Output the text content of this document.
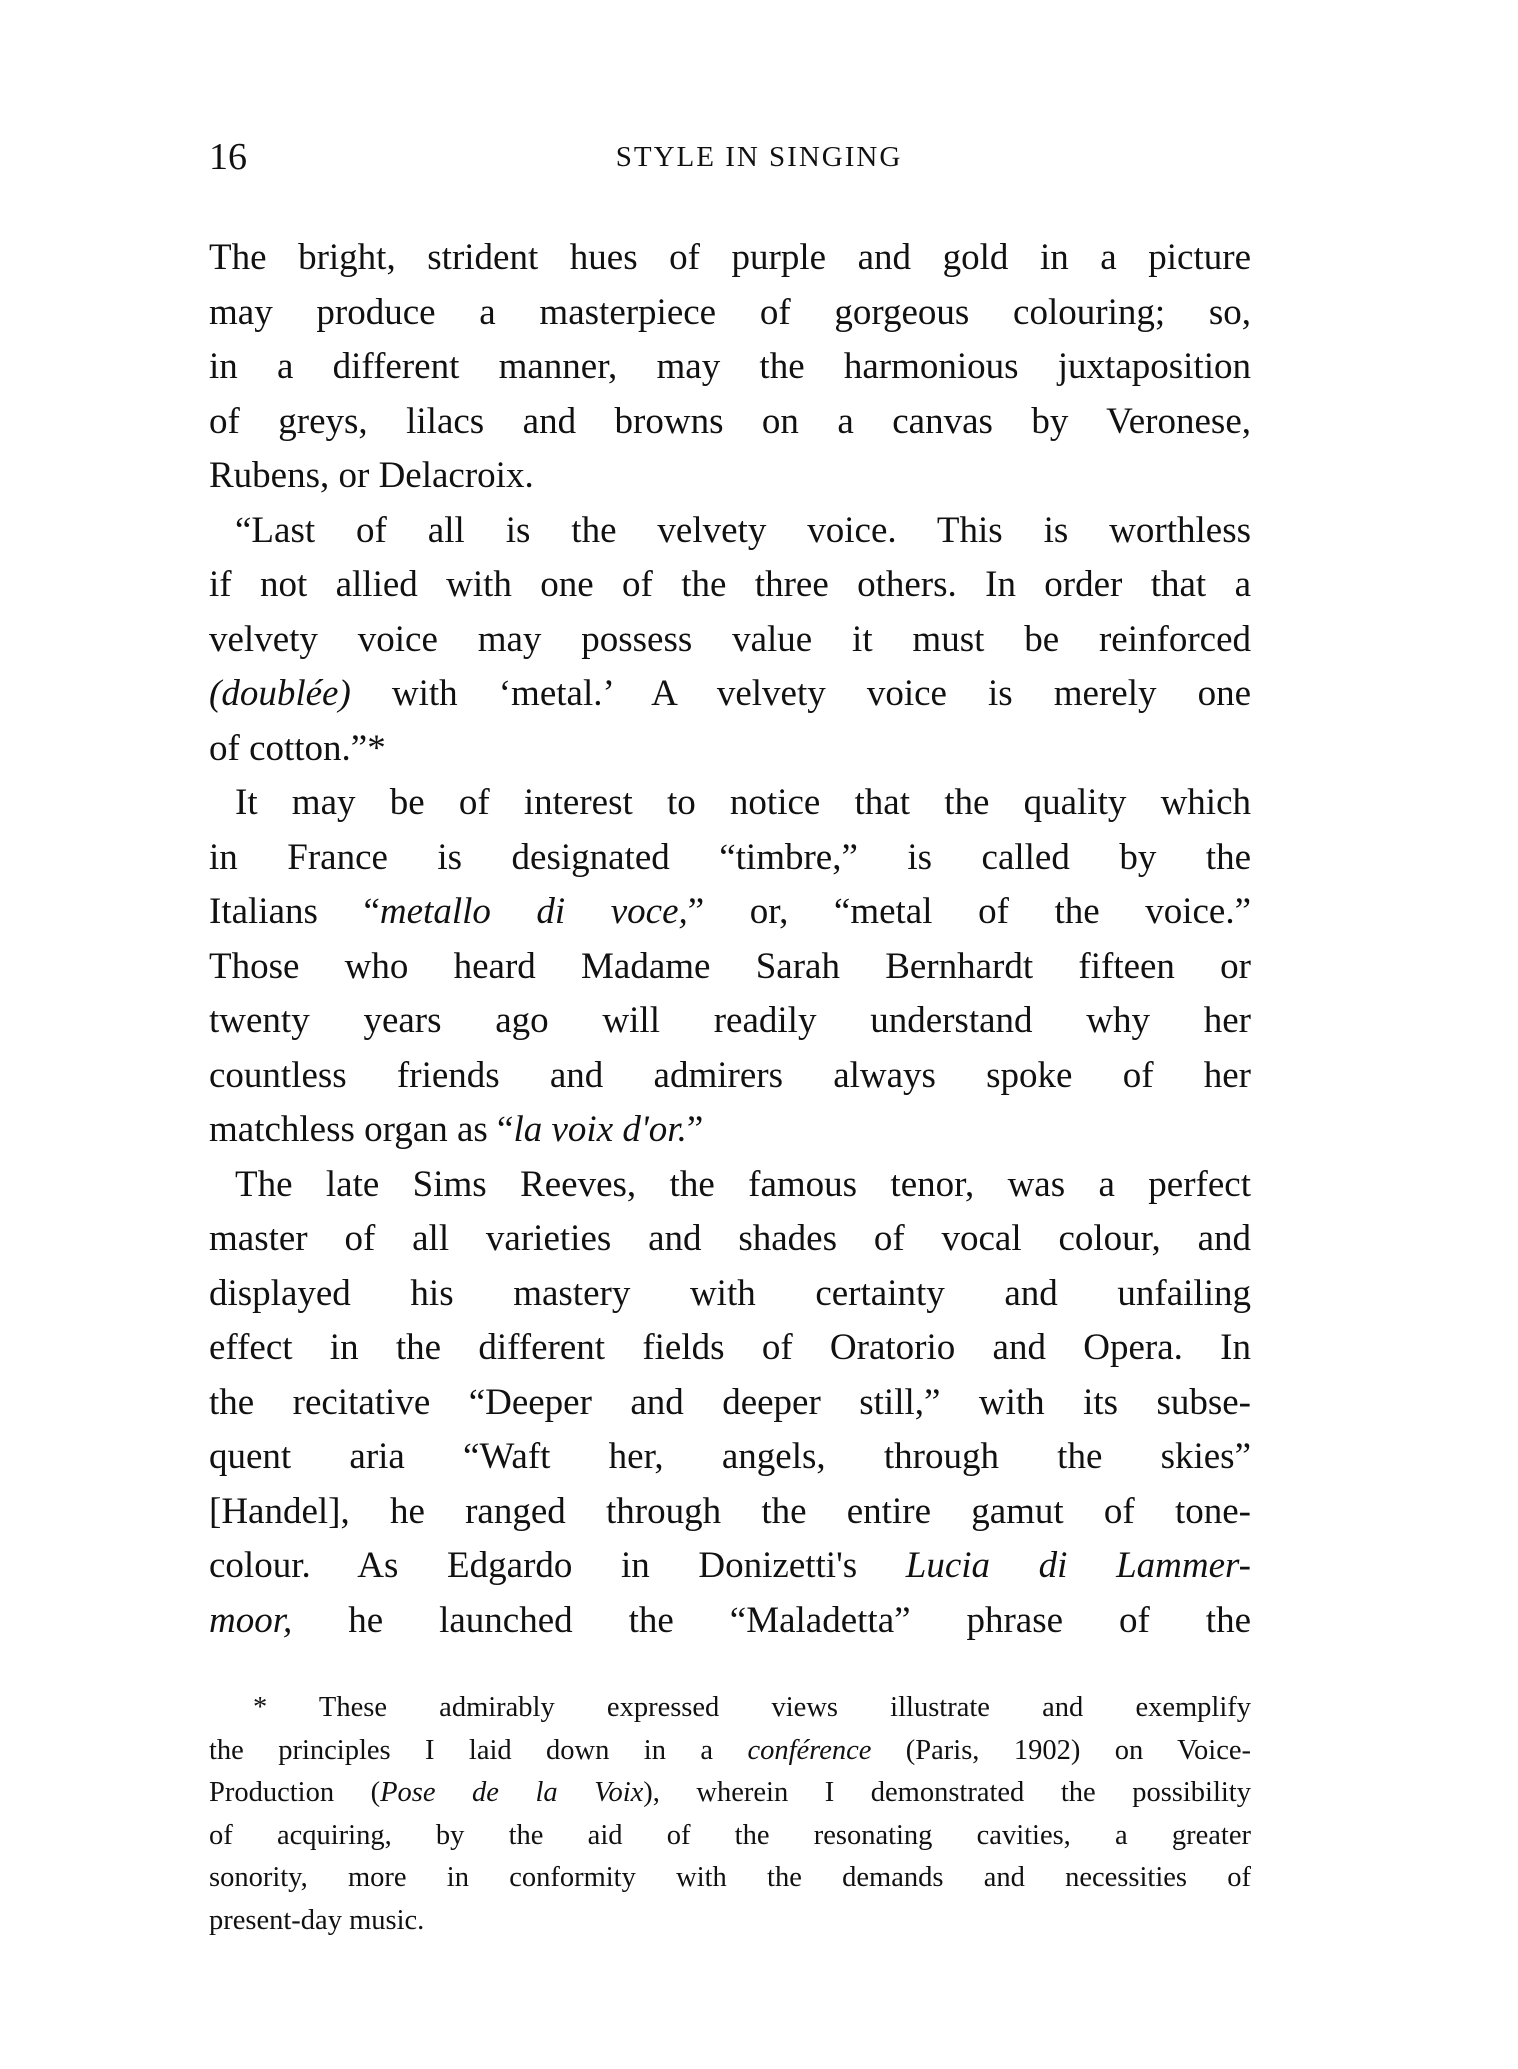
16	STYLE IN SINGING
The bright, strident hues of purple and gold in a picture
may produce a masterpiece of gorgeous colouring; so,
in a different manner, may the harmonious juxtaposition
of greys, lilacs and browns on a canvas by Veronese,
Rubens, or Delacroix.
“Last of all is the velvety voice. This is worthless
if not allied with one of the three others. In order that a
velvety voice may possess value it must be reinforced
(doublée) with ‘metal.’ A velvety voice is merely one
of cotton.”*
It may be of interest to notice that the quality which
in France is designated “timbre,” is called by the
Italians “metallo di voce,” or, “metal of the voice.”
Those who heard Madame Sarah Bernhardt fifteen or
twenty years ago will readily understand why her
countless friends and admirers always spoke of her
matchless organ as “la voix d'or.”
The late Sims Reeves, the famous tenor, was a perfect
master of all varieties and shades of vocal colour, and
displayed his mastery with certainty and unfailing
effect in the different fields of Oratorio and Opera. In
the recitative “Deeper and deeper still,” with its subse-
quent aria “Waft her, angels, through the skies”
[Handel], he ranged through the entire gamut of tone-
colour. As Edgardo in Donizetti's Lucia di Lammer-
moor, he launched the “Maladetta” phrase of the
* These admirably expressed views illustrate and exemplify
the principles I laid down in a conférence (Paris, 1902) on Voice-
Production (Pose de la Voix), wherein I demonstrated the possibility
of acquiring, by the aid of the resonating cavities, a greater
sonority, more in conformity with the demands and necessities of
present-day music.
